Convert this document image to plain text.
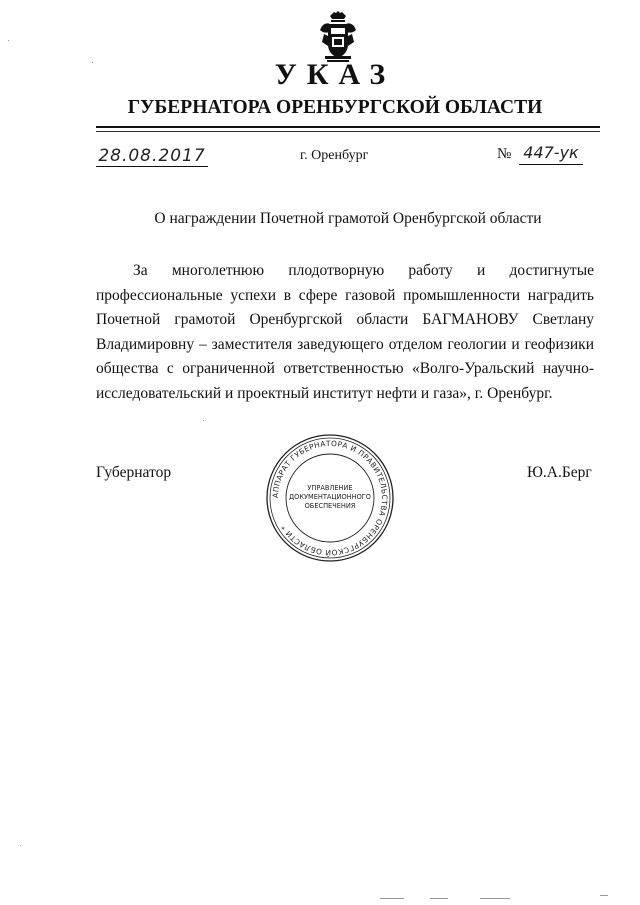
УКАЗ
ГУБЕРНАТОРА ОРЕНБУРГСКОЙ ОБЛАСТИ
28.08.2017	г. Оренбург	№ 447-ук
О награждении Почетной грамотой Оренбургской области

За многолетнюю плодотворную работу и достигнутые профессиональные успехи в сфере газовой промышленности наградить Почетной грамотой Оренбургской области БАГМАНОВУ Светлану Владимировну – заместителя заведующего отделом геологии и геофизики общества с ограниченной ответственностью «Волго-Уральский научно-исследовательский и проектный институт нефти и газа», г. Оренбург.

Губернатор	Ю.А.Берг
АППАРАТ ГУБЕРНАТОРА И ПРАВИТЕЛЬСТВА ОРЕНБУРГСКОЙ ОБЛАСТИ *
УПРАВЛЕНИЕ
ДОКУМЕНТАЦИОННОГО
ОБЕСПЕЧЕНИЯ
